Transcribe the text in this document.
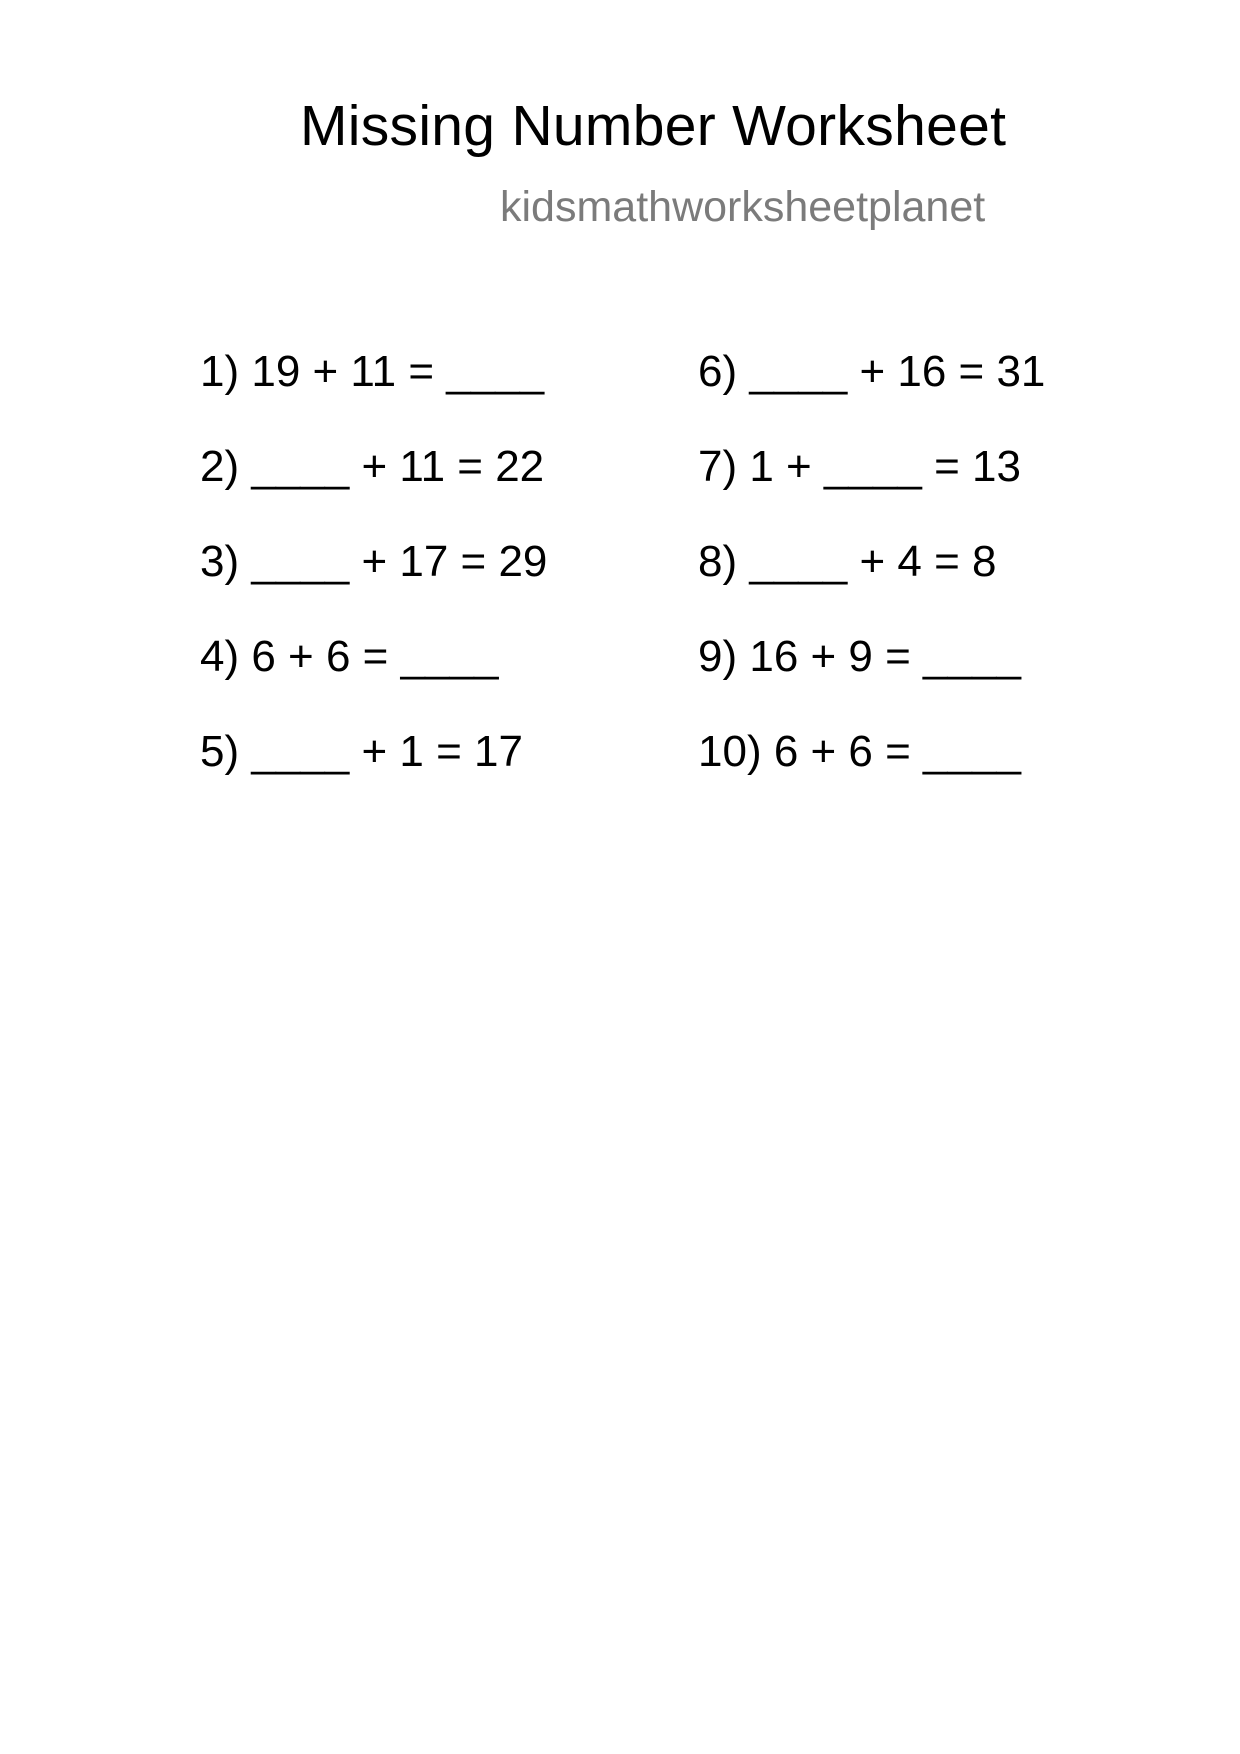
Missing Number Worksheet
kidsmathworksheetplanet
1) 19 + 11 = ____
2) ____ + 11 = 22
3) ____ + 17 = 29
4) 6 + 6 = ____
5) ____ + 1 = 17
6) ____ + 16 = 31
7) 1 + ____ = 13
8) ____ + 4 = 8
9) 16 + 9 = ____
10) 6 + 6 = ____
